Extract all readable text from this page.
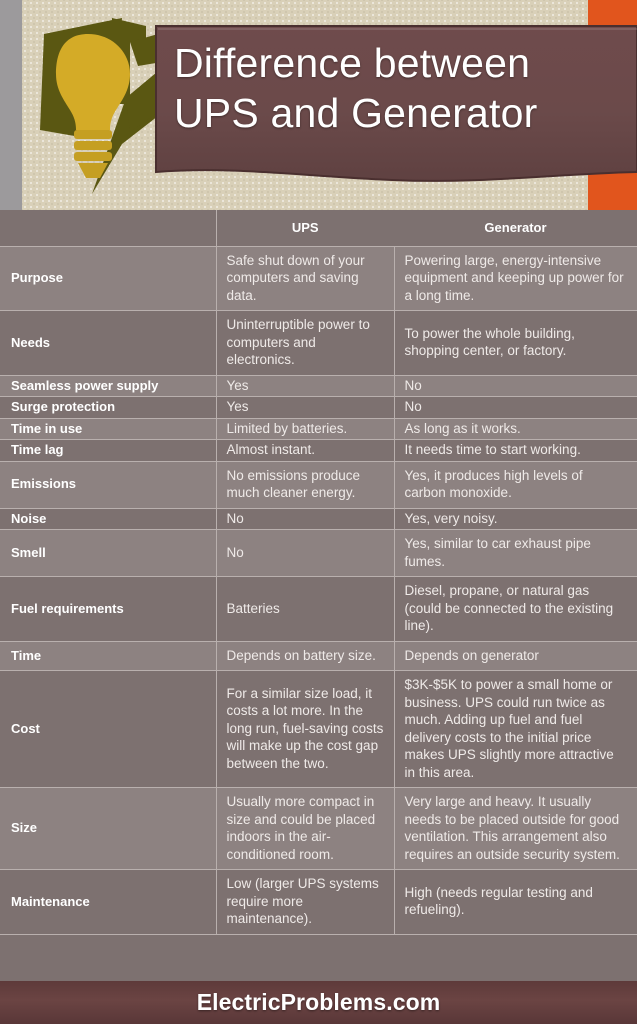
Difference between
UPS and Generator
	UPS	Generator
Purpose	Safe shut down of your computers and saving data.	Powering large, energy-intensive equipment and keeping up power for a long time.
Needs	Uninterruptible power to computers and electronics.	To power the whole building, shopping center, or factory.
Seamless power supply	Yes	No
Surge protection	Yes	No
Time in use	Limited by batteries.	As long as it works.
Time lag	Almost instant.	It needs time to start working.
Emissions	No emissions produce much cleaner energy.	Yes, it produces high levels of carbon monoxide.
Noise	No	Yes, very noisy.
Smell	No	Yes, similar to car exhaust pipe fumes.
Fuel requirements	Batteries	Diesel, propane, or natural gas (could be connected to the existing line).
Time	Depends on battery size.	Depends on generator
Cost	For a similar size load, it costs a lot more. In the long run, fuel-saving costs will make up the cost gap between the two.	$3K-$5K to power a small home or business. UPS could run twice as much. Adding up fuel and fuel delivery costs to the initial price makes UPS slightly more attractive in this area.
Size	Usually more compact in size and could be placed indoors in the air-conditioned room.	Very large and heavy. It usually needs to be placed outside for good ventilation. This arrangement also requires an outside security system.
Maintenance	Low (larger UPS systems require more maintenance).	High (needs regular testing and refueling).
ElectricProblems.com
